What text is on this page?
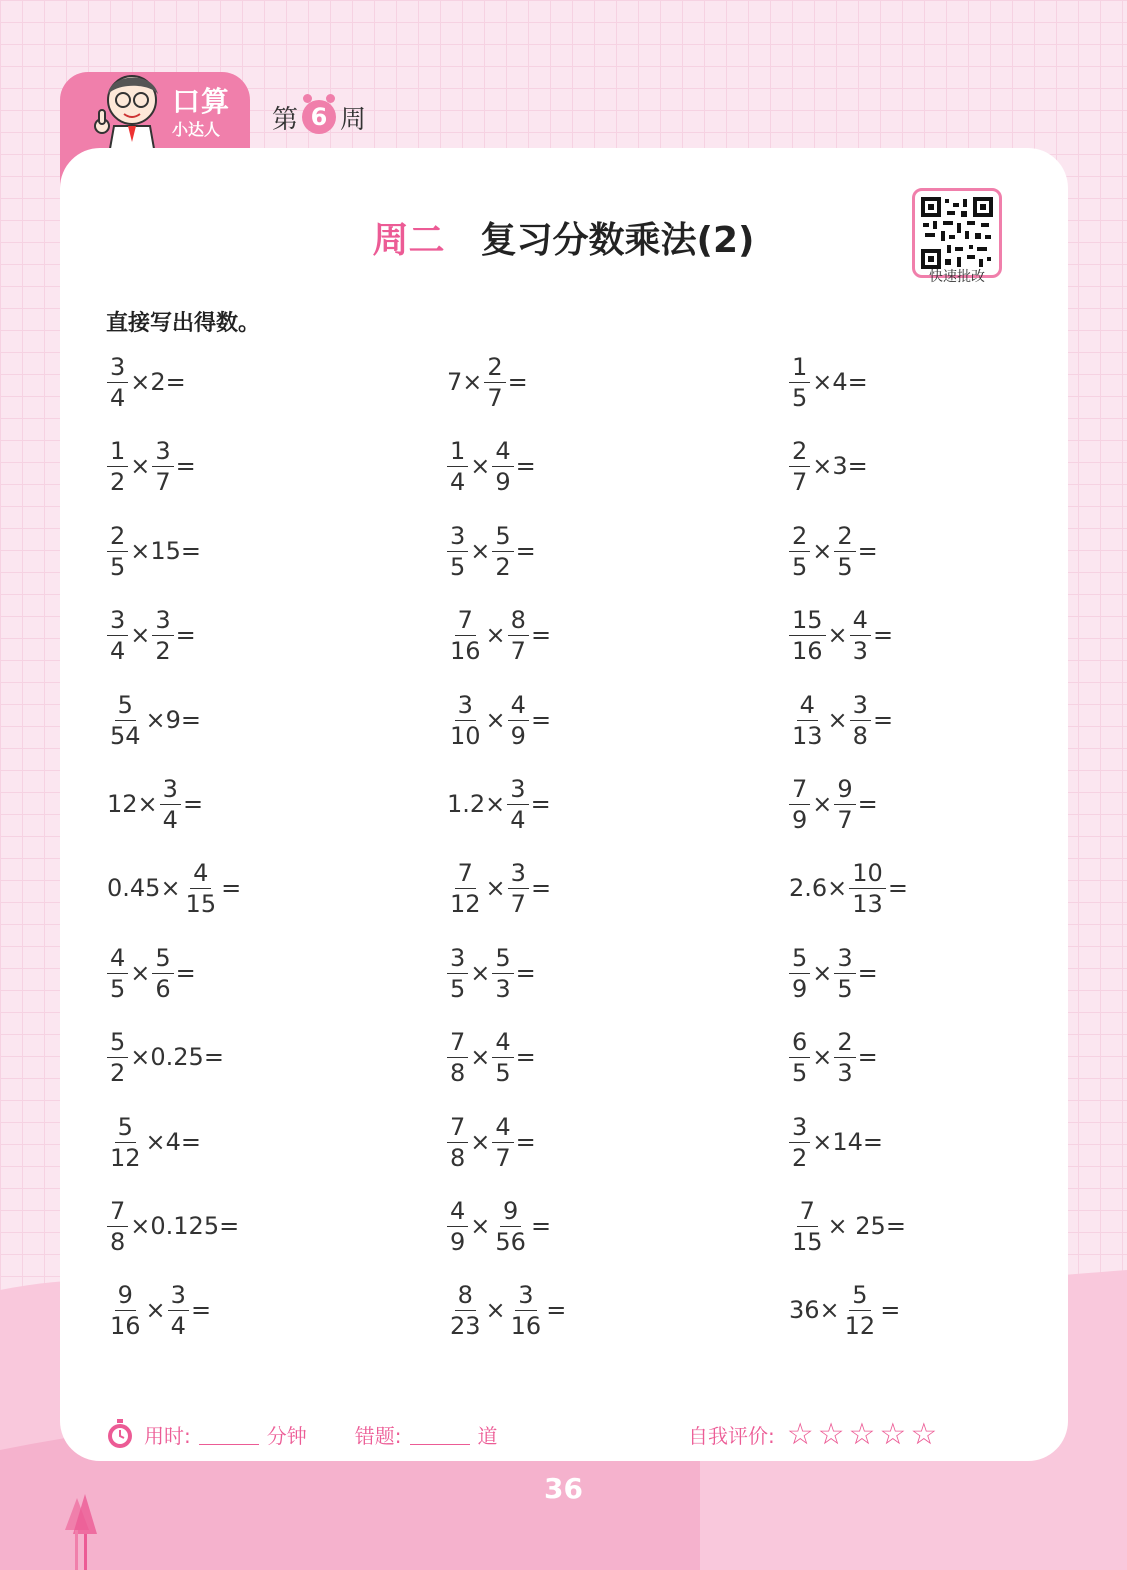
口算
小达人 第 6 周
周二 复习分数乘法(2)
快速批改
直接写出得数。
$\frac{3}{4} \times 2=$	$7\times \frac{2}{7}$ =	$\frac{1}{5} \times 4=$
$\frac{1}{2} \times \frac{3}{7}$ =	$\frac{1}{4} \times \frac{4}{9}$ =	$\frac{2}{7} \times 3=$
$\frac{2}{5} \times 15=$	$\frac{3}{5} \times \frac{5}{2}$ =	$\frac{2}{5} \times \frac{2}{5}$ =
$\frac{3}{4} \times \frac{3}{2}$ =	$\frac{7}{16} \times \frac{8}{7}$ =	$\frac{15}{16} \times \frac{4}{3}$ =
$\frac{5}{54} \times 9=$	$\frac{3}{10} \times \frac{4}{9}$ =	$\frac{4}{13} \times \frac{3}{8}$ =
$12\times \frac{3}{4}$ =	$1.2\times \frac{3}{4}$ =	$\frac{7}{9} \times \frac{9}{7}$ =
$0.45\times \frac{4}{15}$ =	$\frac{7}{12} \times \frac{3}{7}$ =	$2.6\times \frac{10}{13}$ =
$\frac{4}{5} \times \frac{5}{6}$ =	$\frac{3}{5} \times \frac{5}{3}$ =	$\frac{5}{9} \times \frac{3}{5}$ =
$\frac{5}{2} \times 0.25=$	$\frac{7}{8} \times \frac{4}{5}$ =	$\frac{6}{5} \times \frac{2}{3}$ =
$\frac{5}{12} \times 4=$	$\frac{7}{8} \times \frac{4}{7}$ =	$\frac{3}{2} \times 14=$
$\frac{7}{8} \times 0.125=$	$\frac{4}{9} \times \frac{9}{56}$ =	$\frac{7}{15} \times 25=$
$\frac{9}{16} \times \frac{3}{4}$ =	$\frac{8}{23} \times \frac{3}{16}$ =	$36\times \frac{5}{12}$ =
用时:	分钟 错题:	道	自我评价: ☆☆☆☆☆
36
